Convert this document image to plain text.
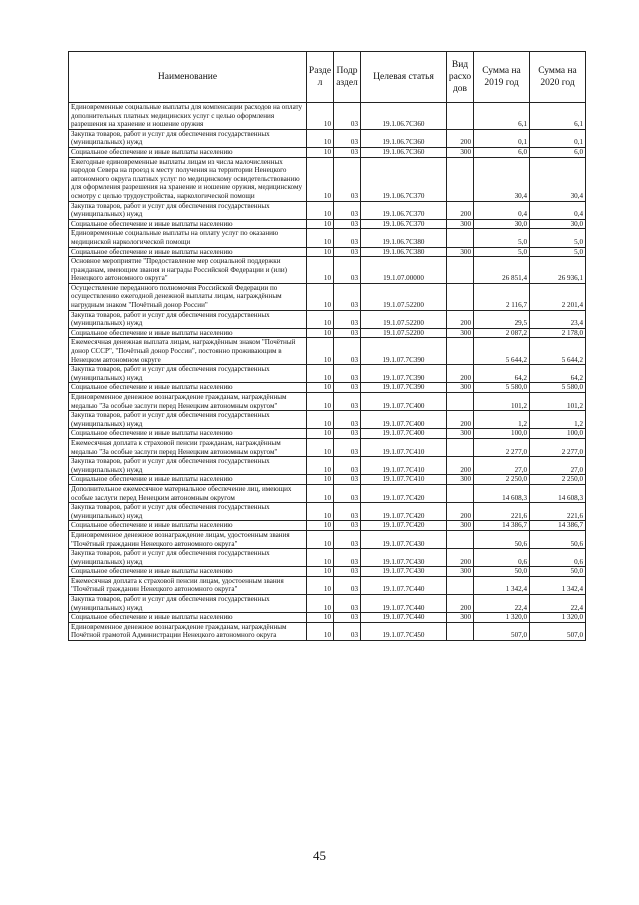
Наименование	Разде л	Подр аздел	Целевая статья	Вид расхо дов	Сумма на 2019 год	Сумма на 2020 год
Единовременные социальные выплаты для компенсации расходов на оплату дополнительных платных медицинских услуг с целью оформления разрешения на хранение и ношение оружия	10	03	19.1.06.7С360		6,1	6,1
Закупка товаров, работ и услуг для обеспечения государственных (муниципальных) нужд	10	03	19.1.06.7С360	200	0,1	0,1
Социальное обеспечение и иные выплаты населению	10	03	19.1.06.7С360	300	6,0	6,0
Ежегодные единовременные выплаты лицам из числа малочисленных народов Севера на проезд к месту получения на территории Ненецкого автономного округа платных услуг по медицинскому освидетельствованию для оформления разрешения на хранение и ношение оружия, медицинскому осмотру с целью трудоустройства, наркологической помощи	10	03	19.1.06.7С370		30,4	30,4
Закупка товаров, работ и услуг для обеспечения государственных (муниципальных) нужд	10	03	19.1.06.7С370	200	0,4	0,4
Социальное обеспечение и иные выплаты населению	10	03	19.1.06.7С370	300	30,0	30,0
Единовременные социальные выплаты на оплату услуг по оказанию медицинской наркологической помощи	10	03	19.1.06.7С380		5,0	5,0
Социальное обеспечение и иные выплаты населению	10	03	19.1.06.7С380	300	5,0	5,0
Основное мероприятие "Предоставление мер социальной поддержки гражданам, имеющим звания и награды Российской Федерации и (или) Ненецкого автономного округа"	10	03	19.1.07.00000		26 851,4	26 936,1
Осуществление переданного полномочия Российской Федерации по осуществлению ежегодной денежной выплаты лицам, награждённым нагрудным знаком "Почётный донор России"	10	03	19.1.07.52200		2 116,7	2 201,4
Закупка товаров, работ и услуг для обеспечения государственных (муниципальных) нужд	10	03	19.1.07.52200	200	29,5	23,4
Социальное обеспечение и иные выплаты населению	10	03	19.1.07.52200	300	2 087,2	2 178,0
Ежемесячная денежная выплата лицам, награждённым знаком "Почётный донор СССР", "Почётный донор России", постоянно проживающим в Ненецком автономном округе	10	03	19.1.07.7С390		5 644,2	5 644,2
Закупка товаров, работ и услуг для обеспечения государственных (муниципальных) нужд	10	03	19.1.07.7С390	200	64,2	64,2
Социальное обеспечение и иные выплаты населению	10	03	19.1.07.7С390	300	5 580,0	5 580,0
Единовременное денежное вознаграждение гражданам, награждённым медалью "За особые заслуги перед Ненецким автономным округом"	10	03	19.1.07.7С400		101,2	101,2
Закупка товаров, работ и услуг для обеспечения государственных (муниципальных) нужд	10	03	19.1.07.7С400	200	1,2	1,2
Социальное обеспечение и иные выплаты населению	10	03	19.1.07.7С400	300	100,0	100,0
Ежемесячная доплата к страховой пенсии гражданам, награждённым медалью "За особые заслуги перед Ненецким автономным округом"	10	03	19.1.07.7С410		2 277,0	2 277,0
Закупка товаров, работ и услуг для обеспечения государственных (муниципальных) нужд	10	03	19.1.07.7С410	200	27,0	27,0
Социальное обеспечение и иные выплаты населению	10	03	19.1.07.7С410	300	2 250,0	2 250,0
Дополнительное ежемесячное материальное обеспечение лиц, имеющих особые заслуги перед Ненецким автономным округом	10	03	19.1.07.7С420		14 608,3	14 608,3
Закупка товаров, работ и услуг для обеспечения государственных (муниципальных) нужд	10	03	19.1.07.7С420	200	221,6	221,6
Социальное обеспечение и иные выплаты населению	10	03	19.1.07.7С420	300	14 386,7	14 386,7
Единовременное денежное вознаграждение лицам, удостоенным звания "Почётный гражданин Ненецкого автономного округа"	10	03	19.1.07.7С430		50,6	50,6
Закупка товаров, работ и услуг для обеспечения государственных (муниципальных) нужд	10	03	19.1.07.7С430	200	0,6	0,6
Социальное обеспечение и иные выплаты населению	10	03	19.1.07.7С430	300	50,0	50,0
Ежемесячная доплата к страховой пенсии лицам, удостоенным звания "Почётный гражданин Ненецкого автономного округа"	10	03	19.1.07.7С440		1 342,4	1 342,4
Закупка товаров, работ и услуг для обеспечения государственных (муниципальных) нужд	10	03	19.1.07.7С440	200	22,4	22,4
Социальное обеспечение и иные выплаты населению	10	03	19.1.07.7С440	300	1 320,0	1 320,0
Единовременное денежное вознаграждение гражданам, награждённым Почётной грамотой Администрации Ненецкого автономного округа	10	03	19.1.07.7С450		507,0	507,0
45
